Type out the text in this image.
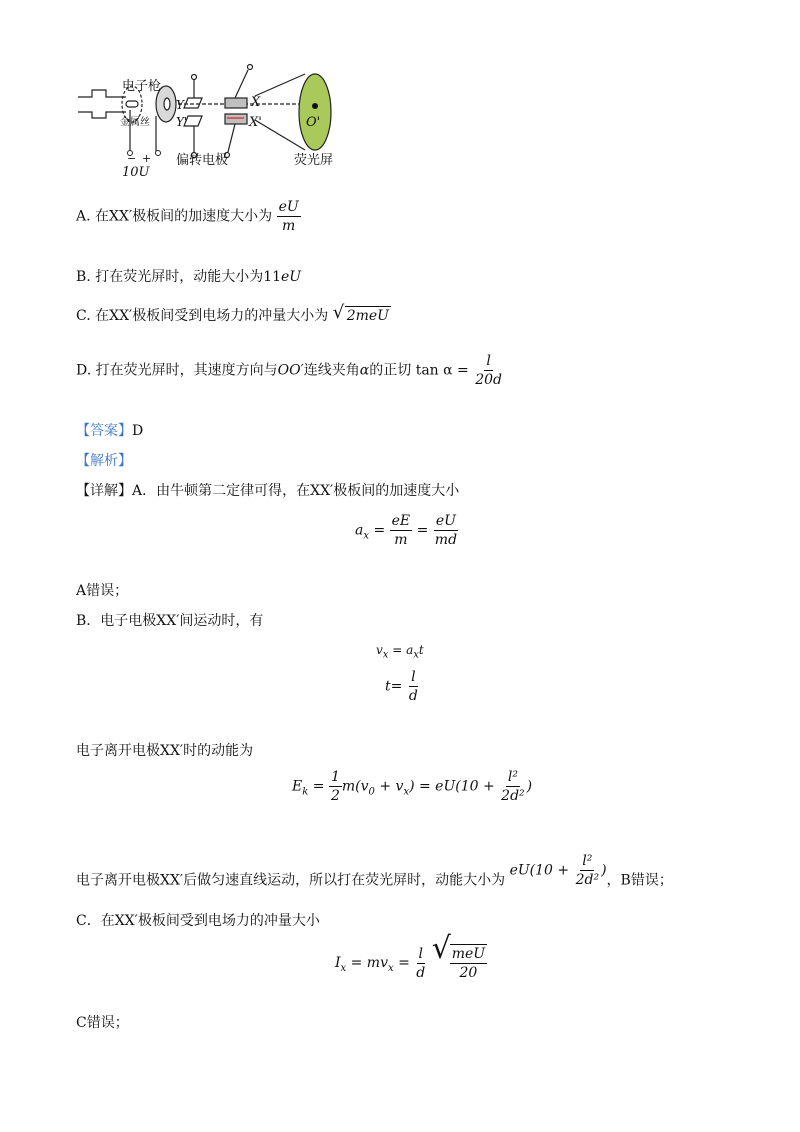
电子枪
金属丝
Y
Y'
X
X'	O'
− +
10U
偏转电极	荧光屏
A. 在XX′极板间的加速度大小为 $\frac{eU}{m}$
B. 打在荧光屏时，动能大小为11eU
C. 在XX′极板间受到电场力的冲量大小为 √ 2meU
D. 打在荧光屏时，其速度方向与OO′连线夹角α的正切 $\tan \alpha = \frac{l}{20d}$
【答案】D
【解析】
【详解】A．由牛顿第二定律可得，在XX′极板间的加速度大小
$a_x = \frac{eE}{m} = \frac{eU}{md}$
A错误；
B．电子电极XX′间运动时，有
$v_x = a_xt$
$t= \frac{l}{d}$
电子离开电极XX′时的动能为
$E_k = \frac{1}{2} m(v_0 + v_x) = eU(10 + \frac{\text{l²}}{\text{2d²}}$ )
电子离开电极XX′后做匀速直线运动，所以打在荧光屏时，动能大小为 $eU(10 + \frac{\text{l²}}{\text{2d²}}$ )，B错误；
C．在XX′极板间受到电场力的冲量大小
$I_x = mv_x = \frac{l}{d}$
√
$\frac{\text{meU}}{20}$
C错误；
